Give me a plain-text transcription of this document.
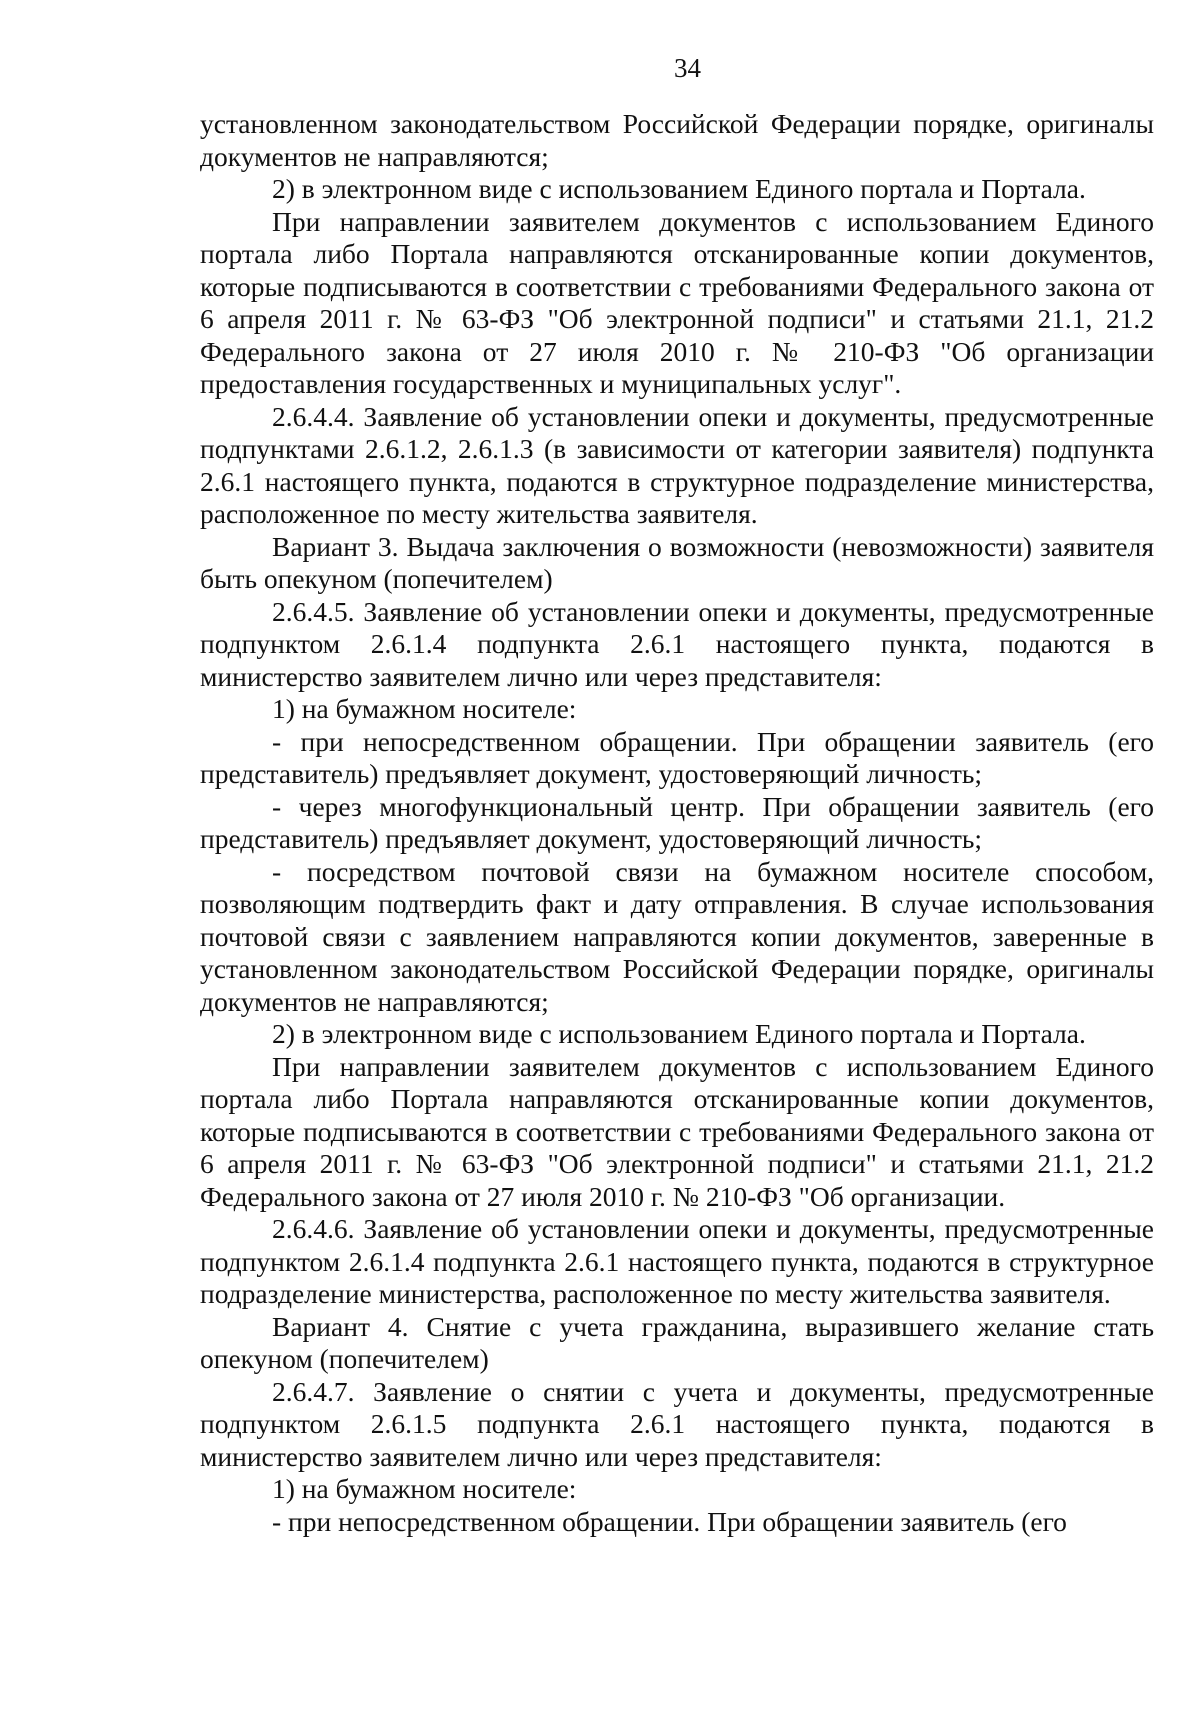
34

установленном законодательством Российской Федерации порядке, оригиналы документов не направляются;

2) в электронном виде с использованием Единого портала и Портала.

При направлении заявителем документов с использованием Единого портала либо Портала направляются отсканированные копии документов, которые подписываются в соответствии с требованиями Федерального закона от 6 апреля 2011 г. № 63-ФЗ "Об электронной подписи" и статьями 21.1, 21.2 Федерального закона от 27 июля 2010 г. № 210-ФЗ "Об организации предоставления государственных и муниципальных услуг".

2.6.4.4. Заявление об установлении опеки и документы, предусмотренные подпунктами 2.6.1.2, 2.6.1.3 (в зависимости от категории заявителя) подпункта 2.6.1 настоящего пункта, подаются в структурное подразделение министерства, расположенное по месту жительства заявителя.

Вариант 3. Выдача заключения о возможности (невозможности) заявителя быть опекуном (попечителем)

2.6.4.5. Заявление об установлении опеки и документы, предусмотренные подпунктом 2.6.1.4 подпункта 2.6.1 настоящего пункта, подаются в министерство заявителем лично или через представителя:

1) на бумажном носителе:

- при непосредственном обращении. При обращении заявитель (его представитель) предъявляет документ, удостоверяющий личность;

- через многофункциональный центр. При обращении заявитель (его представитель) предъявляет документ, удостоверяющий личность;

- посредством почтовой связи на бумажном носителе способом, позволяющим подтвердить факт и дату отправления. В случае использования почтовой связи с заявлением направляются копии документов, заверенные в установленном законодательством Российской Федерации порядке, оригиналы документов не направляются;

2) в электронном виде с использованием Единого портала и Портала.

При направлении заявителем документов с использованием Единого портала либо Портала направляются отсканированные копии документов, которые подписываются в соответствии с требованиями Федерального закона от 6 апреля 2011 г. № 63-ФЗ "Об электронной подписи" и статьями 21.1, 21.2 Федерального закона от 27 июля 2010 г. № 210-ФЗ "Об организации.

2.6.4.6. Заявление об установлении опеки и документы, предусмотренные подпунктом 2.6.1.4 подпункта 2.6.1 настоящего пункта, подаются в структурное подразделение министерства, расположенное по месту жительства заявителя.

Вариант 4. Снятие с учета гражданина, выразившего желание стать опекуном (попечителем)

2.6.4.7. Заявление о снятии с учета и документы, предусмотренные подпунктом 2.6.1.5 подпункта 2.6.1 настоящего пункта, подаются в министерство заявителем лично или через представителя:

1) на бумажном носителе:

- при непосредственном обращении. При обращении заявитель (его
